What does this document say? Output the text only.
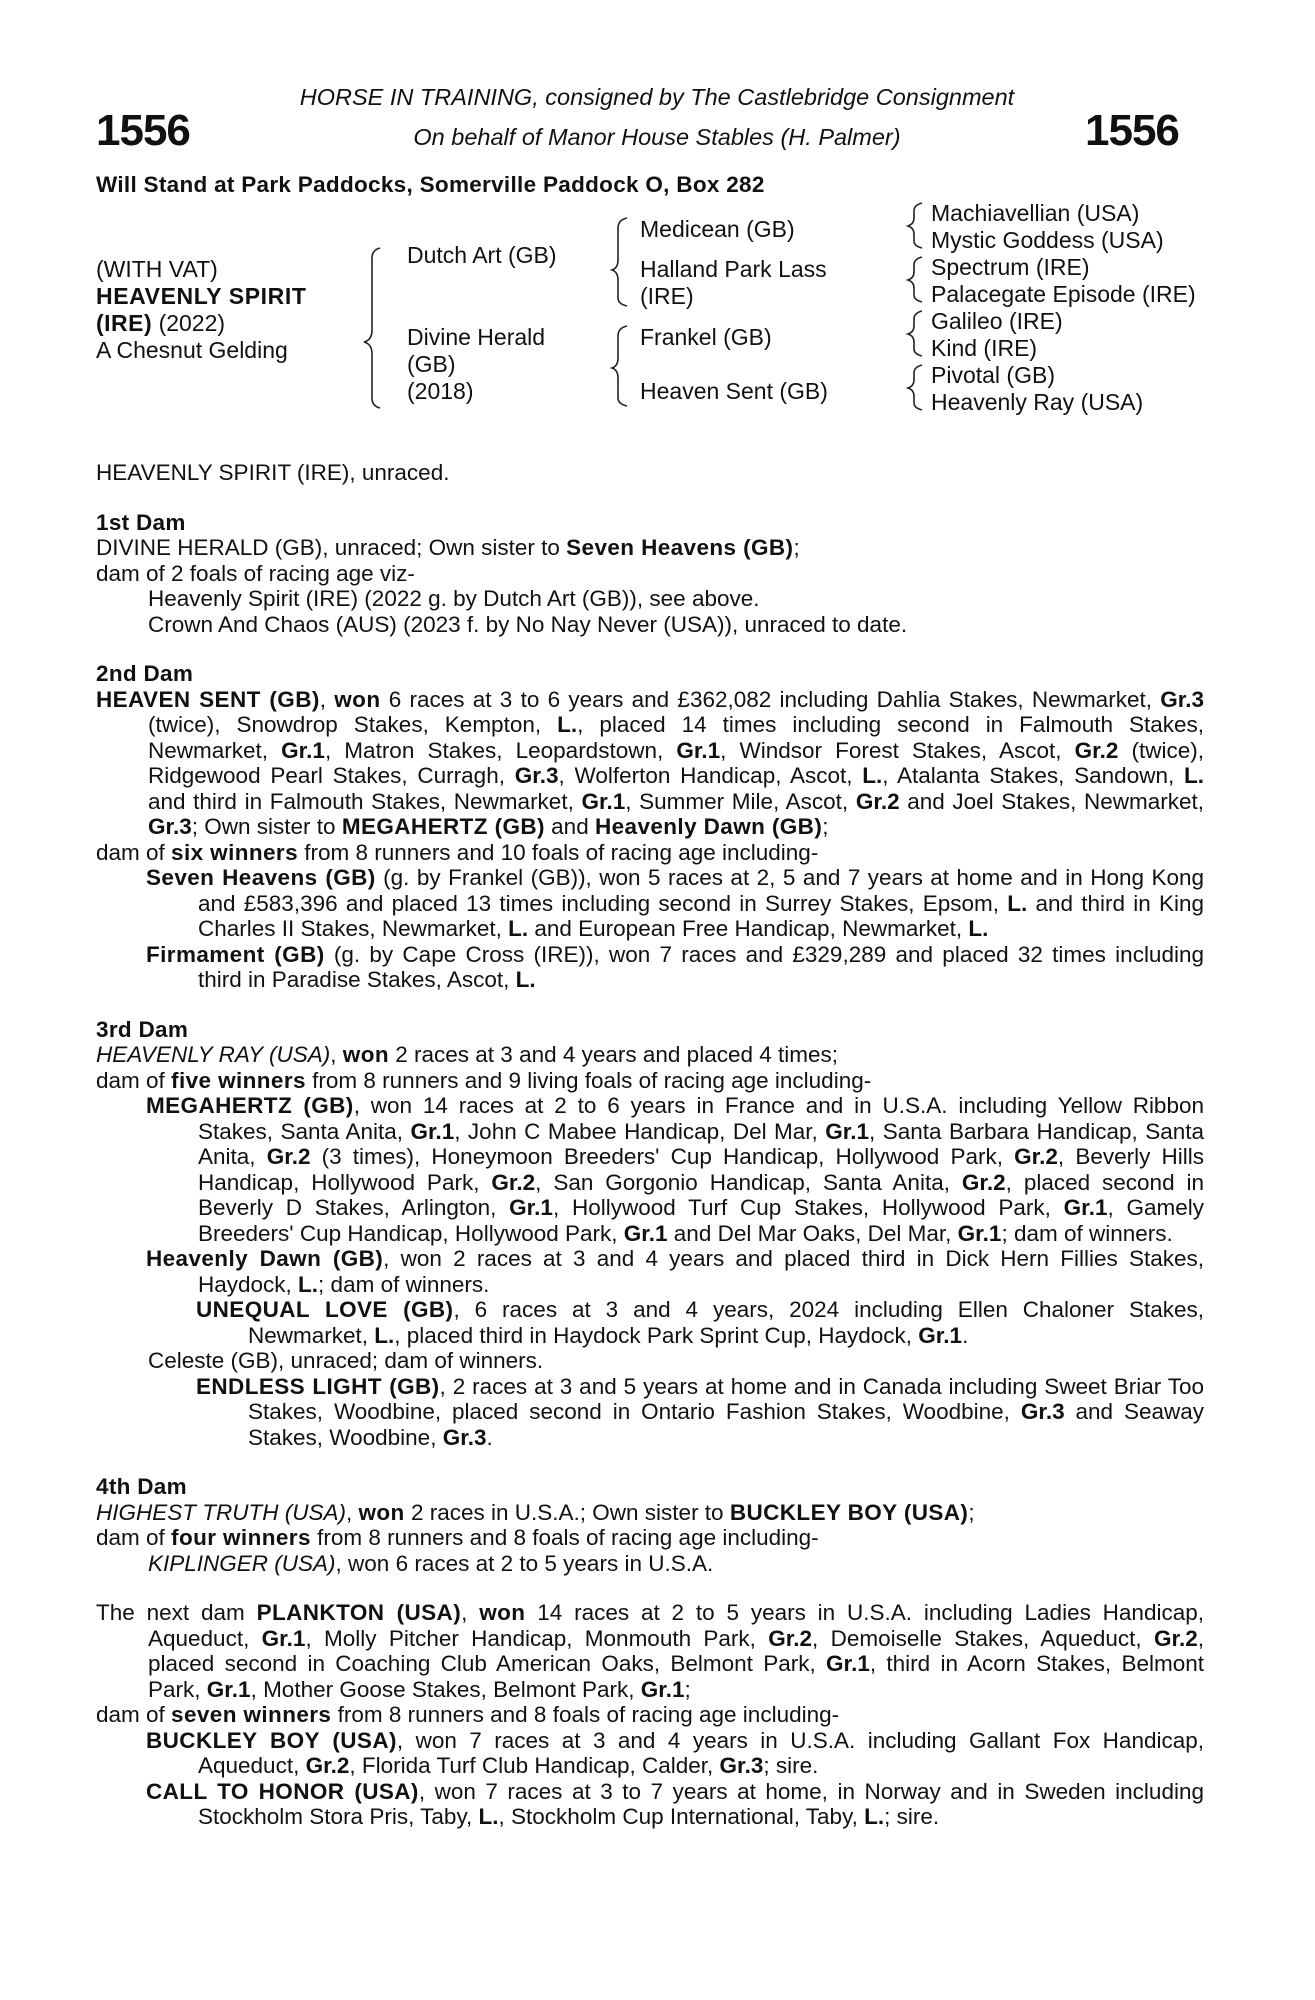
1556	1556
HORSE IN TRAINING, consigned by The Castlebridge Consignment
On behalf of Manor House Stables (H. Palmer)
Will Stand at Park Paddocks, Somerville Paddock O, Box 282
(WITH VAT)
HEAVENLY SPIRIT
(IRE) (2022)
A Chesnut Gelding
Dutch Art (GB)
Divine Herald
(GB)
(2018)
Medicean (GB)
Halland Park Lass
(IRE)
Frankel (GB)
Heaven Sent (GB)
Machiavellian (USA)
Mystic Goddess (USA)
Spectrum (IRE)
Palacegate Episode (IRE)
Galileo (IRE)
Kind (IRE)
Pivotal (GB)
Heavenly Ray (USA)

HEAVENLY SPIRIT (IRE), unraced.

1st Dam

DIVINE HERALD (GB), unraced; Own sister to Seven Heavens (GB);

dam of 2 foals of racing age viz-

Heavenly Spirit (IRE) (2022 g. by Dutch Art (GB)), see above.

Crown And Chaos (AUS) (2023 f. by No Nay Never (USA)), unraced to date.

2nd Dam

HEAVEN SENT (GB), won 6 races at 3 to 6 years and £362,082 including Dahlia Stakes, Newmarket, Gr.3 (twice), Snowdrop Stakes, Kempton, L., placed 14 times including second in Falmouth Stakes, Newmarket, Gr.1, Matron Stakes, Leopardstown, Gr.1, Windsor Forest Stakes, Ascot, Gr.2 (twice), Ridgewood Pearl Stakes, Curragh, Gr.3, Wolferton Handicap, Ascot, L., Atalanta Stakes, Sandown, L. and third in Falmouth Stakes, Newmarket, Gr.1, Summer Mile, Ascot, Gr.2 and Joel Stakes, Newmarket, Gr.3; Own sister to MEGAHERTZ (GB) and Heavenly Dawn (GB);

dam of six winners from 8 runners and 10 foals of racing age including-

Seven Heavens (GB) (g. by Frankel (GB)), won 5 races at 2, 5 and 7 years at home and in Hong Kong and £583,396 and placed 13 times including second in Surrey Stakes, Epsom, L. and third in King Charles II Stakes, Newmarket, L. and European Free Handicap, Newmarket, L.

Firmament (GB) (g. by Cape Cross (IRE)), won 7 races and £329,289 and placed 32 times including third in Paradise Stakes, Ascot, L.

3rd Dam

HEAVENLY RAY (USA), won 2 races at 3 and 4 years and placed 4 times;

dam of five winners from 8 runners and 9 living foals of racing age including-

MEGAHERTZ (GB), won 14 races at 2 to 6 years in France and in U.S.A. including Yellow Ribbon Stakes, Santa Anita, Gr.1, John C Mabee Handicap, Del Mar, Gr.1, Santa Barbara Handicap, Santa Anita, Gr.2 (3 times), Honeymoon Breeders' Cup Handicap, Hollywood Park, Gr.2, Beverly Hills Handicap, Hollywood Park, Gr.2, San Gorgonio Handicap, Santa Anita, Gr.2, placed second in Beverly D Stakes, Arlington, Gr.1, Hollywood Turf Cup Stakes, Hollywood Park, Gr.1, Gamely Breeders' Cup Handicap, Hollywood Park, Gr.1 and Del Mar Oaks, Del Mar, Gr.1; dam of winners.

Heavenly Dawn (GB), won 2 races at 3 and 4 years and placed third in Dick Hern Fillies Stakes, Haydock, L.; dam of winners.

UNEQUAL LOVE (GB), 6 races at 3 and 4 years, 2024 including Ellen Chaloner Stakes, Newmarket, L., placed third in Haydock Park Sprint Cup, Haydock, Gr.1.

Celeste (GB), unraced; dam of winners.

ENDLESS LIGHT (GB), 2 races at 3 and 5 years at home and in Canada including Sweet Briar Too Stakes, Woodbine, placed second in Ontario Fashion Stakes, Woodbine, Gr.3 and Seaway Stakes, Woodbine, Gr.3.

4th Dam

HIGHEST TRUTH (USA), won 2 races in U.S.A.; Own sister to BUCKLEY BOY (USA);

dam of four winners from 8 runners and 8 foals of racing age including-

KIPLINGER (USA), won 6 races at 2 to 5 years in U.S.A.

The next dam PLANKTON (USA), won 14 races at 2 to 5 years in U.S.A. including Ladies Handicap, Aqueduct, Gr.1, Molly Pitcher Handicap, Monmouth Park, Gr.2, Demoiselle Stakes, Aqueduct, Gr.2, placed second in Coaching Club American Oaks, Belmont Park, Gr.1, third in Acorn Stakes, Belmont Park, Gr.1, Mother Goose Stakes, Belmont Park, Gr.1;

dam of seven winners from 8 runners and 8 foals of racing age including-

BUCKLEY BOY (USA), won 7 races at 3 and 4 years in U.S.A. including Gallant Fox Handicap, Aqueduct, Gr.2, Florida Turf Club Handicap, Calder, Gr.3; sire.

CALL TO HONOR (USA), won 7 races at 3 to 7 years at home, in Norway and in Sweden including Stockholm Stora Pris, Taby, L., Stockholm Cup International, Taby, L.; sire.
